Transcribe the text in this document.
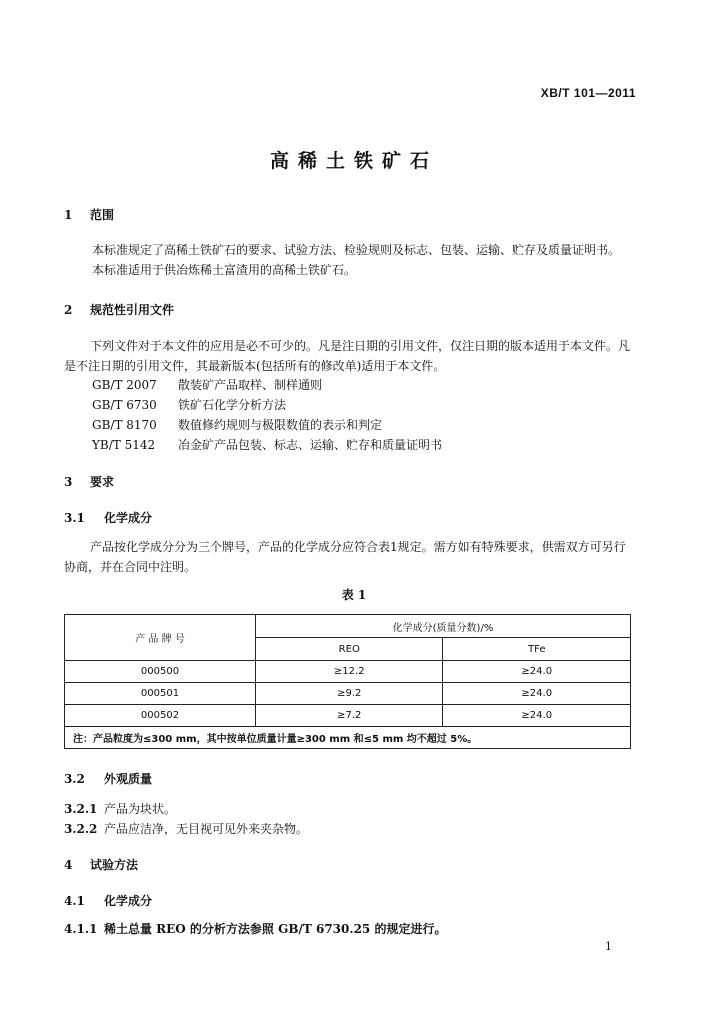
XB/T 101—2011
高稀土铁矿石
1 范围
本标准规定了高稀土铁矿石的要求、试验方法、检验规则及标志、包装、运输、贮存及质量证明书。
本标准适用于供冶炼稀土富渣用的高稀土铁矿石。
2 规范性引用文件

下列文件对于本文件的应用是必不可少的。凡是注日期的引用文件，仅注日期的版本适用于本文件。凡是不注日期的引用文件，其最新版本(包括所有的修改单)适用于本文件。

GB/T 2007 散装矿产品取样、制样通则
GB/T 6730 铁矿石化学分析方法
GB/T 8170 数值修约规则与极限数值的表示和判定
YB/T 5142 冶金矿产品包装、标志、运输、贮存和质量证明书
3 要求
3.1 化学成分

产品按化学成分分为三个牌号，产品的化学成分应符合表1规定。需方如有特殊要求，供需双方可另行协商，并在合同中注明。

表 1
产 品 牌 号	化学成分(质量分数)/%	
	REO	TFe
000500	≥12.2	≥24.0
000501	≥9.2	≥24.0
000502	≥7.2	≥24.0
注：产品粒度为≤300 mm，其中按单位质量计量≥300 mm 和≤5 mm 均不超过 5%。		
3.2 外观质量
3.2.1 产品为块状。
3.2.2 产品应洁净，无目视可见外来夹杂物。
4 试验方法
4.1 化学成分
4.1.1 稀土总量 REO 的分析方法参照 GB/T 6730.25 的规定进行。
1
